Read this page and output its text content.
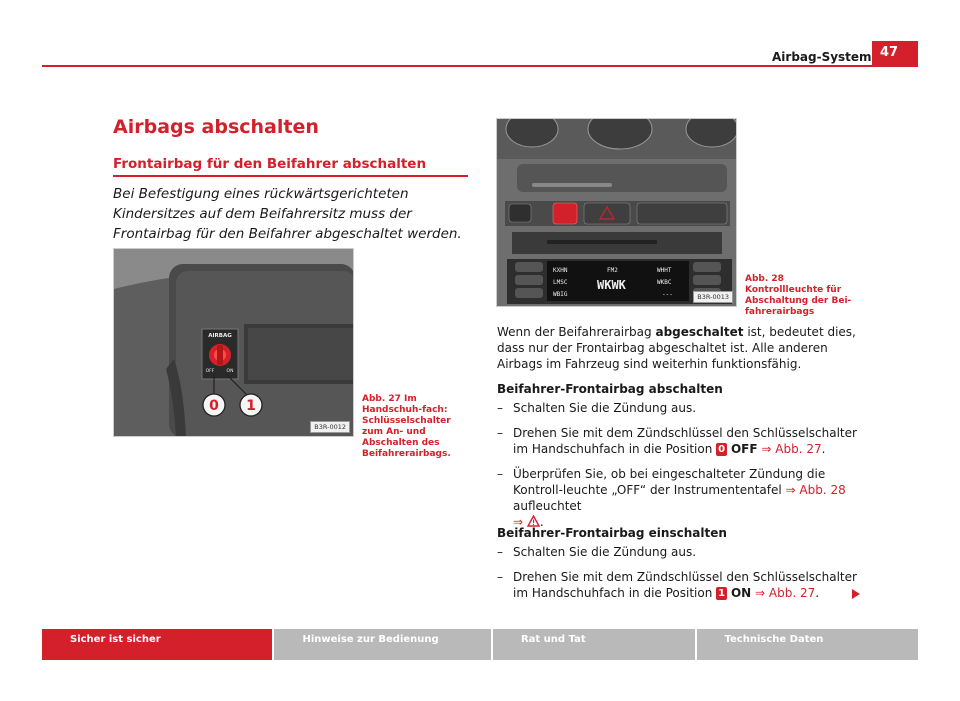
Airbag-System 47
Airbags abschalten
Frontairbag für den Beifahrer abschalten
Bei Befestigung eines rückwärtsgerichteten Kindersitzes auf dem Beifahrersitz muss der Frontairbag für den Beifahrer abgeschaltet werden.
AIRBAG
OFF	ON
0 1
B3R-0012
Abb. 27 Im Handschuh-fach: Schlüsselschalter zum An- und Abschalten des Beifahrerairbags.
KXHN
LMSC
WBIG
FM2
WKWK
WHHT
WKBC
---	B3R-0013
Abb. 28 Kontrollleuchte für Abschaltung der Bei-fahrerairbags
Wenn der Beifahrerairbag abgeschaltet ist, bedeutet dies, dass nur der Frontairbag abgeschaltet ist. Alle anderen Airbags im Fahrzeug sind weiterhin funktionsfähig.
Beifahrer-Frontairbag abschalten
– Schalten Sie die Zündung aus.
– Drehen Sie mit dem Zündschlüssel den Schlüsselschalter im Handschuhfach in die Position 0 OFF ⇒ Abb. 27.
– Überprüfen Sie, ob bei eingeschalteter Zündung die Kontroll-leuchte „OFF“ der Instrumententafel ⇒ Abb. 28 aufleuchtet
⇒ .
Beifahrer-Frontairbag einschalten
– Schalten Sie die Zündung aus.
– Drehen Sie mit dem Zündschlüssel den Schlüsselschalter im Handschuhfach in die Position 1 ON ⇒ Abb. 27.
Sicher ist sicher	Hinweise zur Bedienung	Rat und Tat	Technische Daten
